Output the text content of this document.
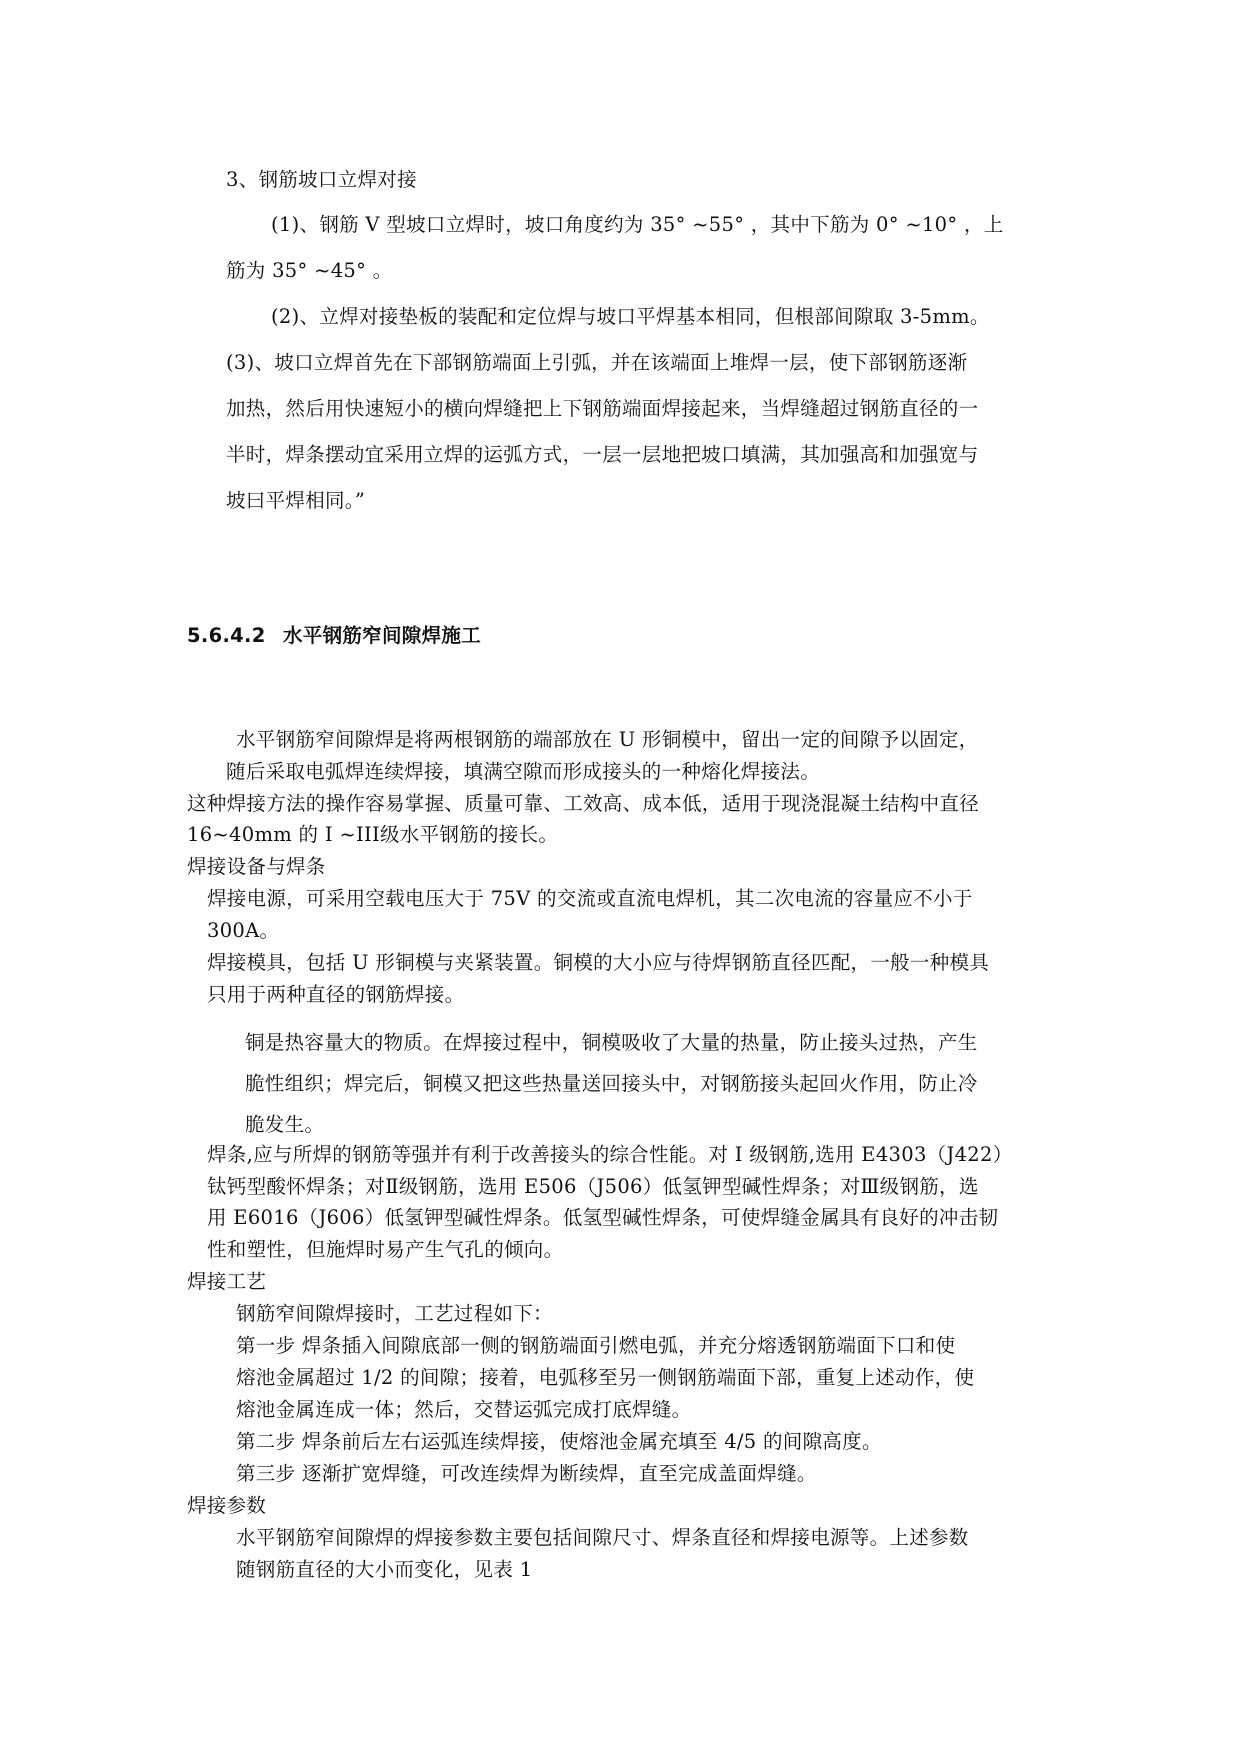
3、钢筋坡口立焊对接

(1)、钢筋 V 型坡口立焊时，坡口角度约为 35° ~55° ，其中下筋为 0° ~10° ，上

筋为 35° ~45° 。

(2)、立焊对接垫板的装配和定位焊与坡口平焊基本相同，但根部间隙取 3-5mm。

(3)、坡口立焊首先在下部钢筋端面上引弧，并在该端面上堆焊一层，使下部钢筋逐渐

加热，然后用快速短小的横向焊缝把上下钢筋端面焊接起来，当焊缝超过钢筋直径的一

半时，焊条摆动宜采用立焊的运弧方式，一层一层地把坡口填满，其加强高和加强宽与

坡曰平焊相同。”

5.6.4.2 水平钢筋窄间隙焊施工

水平钢筋窄间隙焊是将两根钢筋的端部放在 U 形铜模中，留出一定的间隙予以固定，

随后采取电弧焊连续焊接，填满空隙而形成接头的一种熔化焊接法。

这种焊接方法的操作容易掌握、质量可靠、工效高、成本低，适用于现浇混凝土结构中直径

16~40mm 的 I ~III级水平钢筋的接长。

焊接设备与焊条

焊接电源，可采用空载电压大于 75V 的交流或直流电焊机，其二次电流的容量应不小于

300A。

焊接模具，包括 U 形铜模与夹紧装置。铜模的大小应与待焊钢筋直径匹配，一般一种模具

只用于两种直径的钢筋焊接。

铜是热容量大的物质。在焊接过程中，铜模吸收了大量的热量，防止接头过热，产生

脆性组织；焊完后，铜模又把这些热量送回接头中，对钢筋接头起回火作用，防止冷

脆发生。

焊条,应与所焊的钢筋等强并有利于改善接头的综合性能。对 I 级钢筋,选用 E4303（J422）

钛钙型酸怀焊条；对Ⅱ级钢筋，选用 E506（J506）低氢钾型碱性焊条；对Ⅲ级钢筋，选

用 E6016（J606）低氢钾型碱性焊条。低氢型碱性焊条，可使焊缝金属具有良好的冲击韧

性和塑性，但施焊时易产生气孔的倾向。

焊接工艺

钢筋窄间隙焊接时，工艺过程如下：

第一步 焊条插入间隙底部一侧的钢筋端面引燃电弧，并充分熔透钢筋端面下口和使

熔池金属超过 1/2 的间隙；接着，电弧移至另一侧钢筋端面下部，重复上述动作，使

熔池金属连成一体；然后，交替运弧完成打底焊缝。

第二步 焊条前后左右运弧连续焊接，使熔池金属充填至 4/5 的间隙高度。

第三步 逐渐扩宽焊缝，可改连续焊为断续焊，直至完成盖面焊缝。

焊接参数

水平钢筋窄间隙焊的焊接参数主要包括间隙尺寸、焊条直径和焊接电源等。上述参数

随钢筋直径的大小而变化，见表 1
